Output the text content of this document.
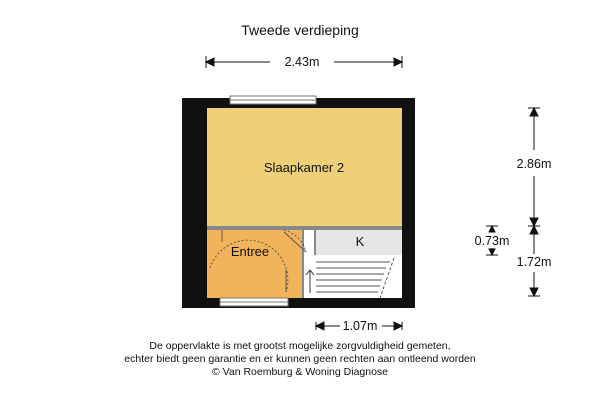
Tweede verdieping
Slaapkamer 2
Entree
K
2.43m
1.07m
2.86m
0.73m
1.72m
De oppervlakte is met grootst mogelijke zorgvuldigheid gemeten,
echter biedt geen garantie en er kunnen geen rechten aan ontleend worden
© Van Roemburg & Woning Diagnose
